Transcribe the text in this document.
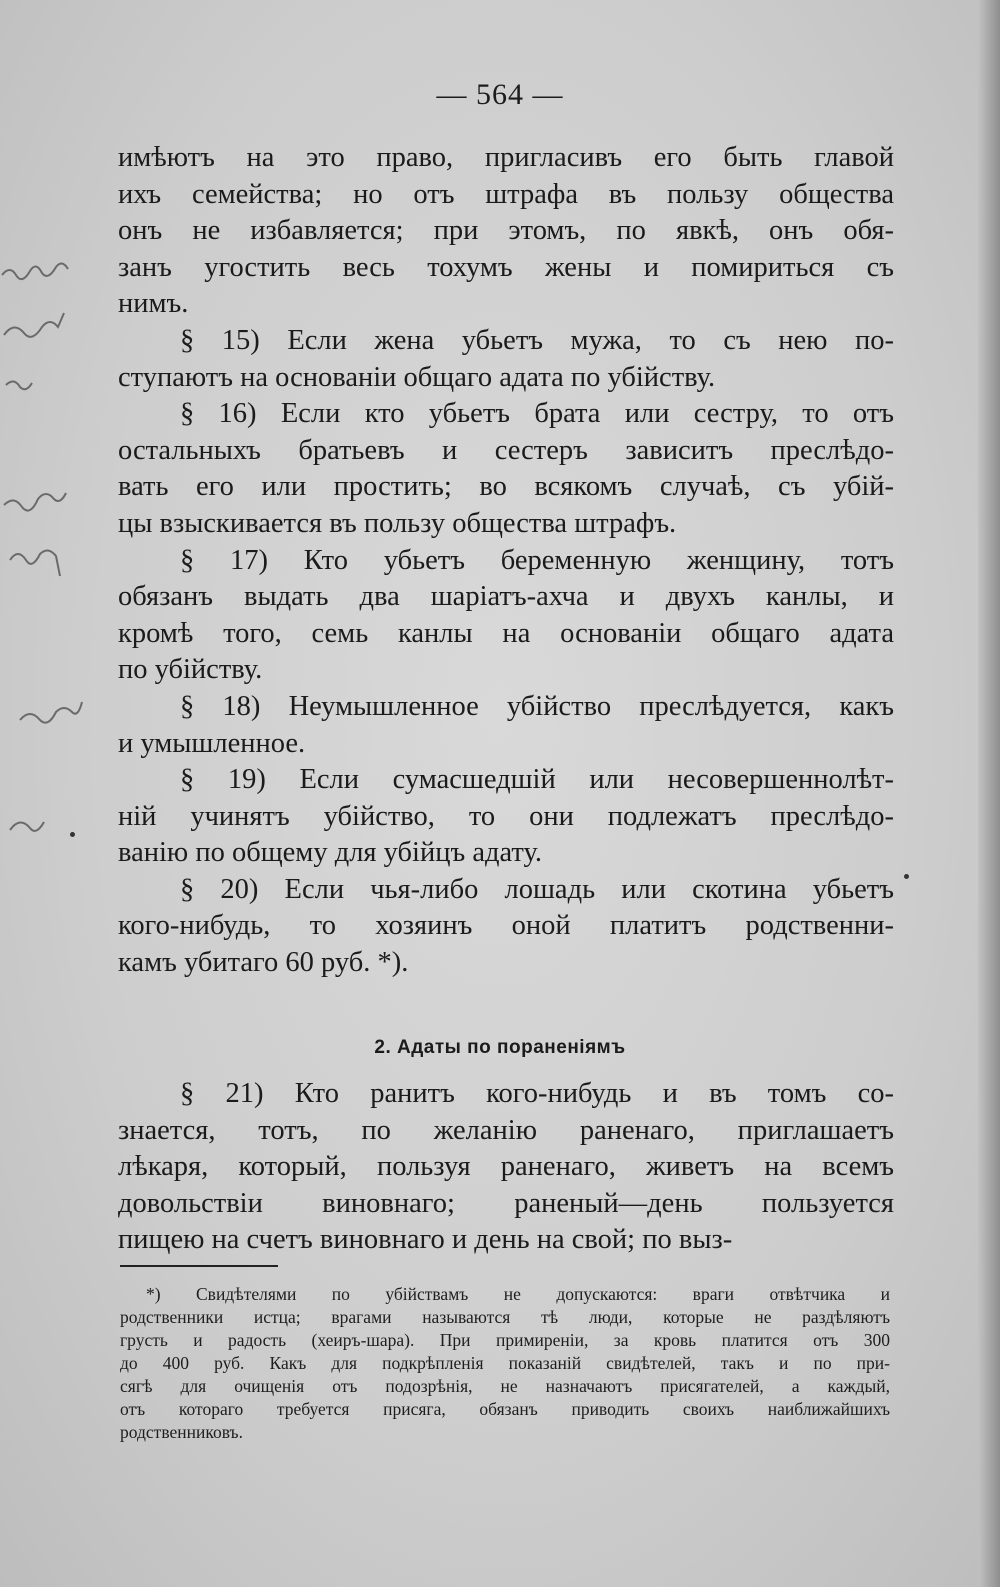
— 564 —
имѣютъ на это право, пригласивъ его быть главой
ихъ семейства; но отъ штрафа въ пользу общества
онъ не избавляется; при этомъ, по явкѣ, онъ обя-
занъ угостить весь тохумъ жены и помириться съ
нимъ.
§ 15) Если жена убьетъ мужа, то съ нею по-
ступаютъ на основаніи общаго адата по убійству.
§ 16) Если кто убьетъ брата или сестру, то отъ
остальныхъ братьевъ и сестеръ зависитъ преслѣдо-
вать его или простить; во всякомъ случаѣ, съ убій-
цы взыскивается въ пользу общества штрафъ.
§ 17) Кто убьетъ беременную женщину, тотъ
обязанъ выдать два шаріатъ-ахча и двухъ канлы, и
кромѣ того, семь канлы на основаніи общаго адата
по убійству.
§ 18) Неумышленное убійство преслѣдуется, какъ
и умышленное.
§ 19) Если сумасшедшій или несовершеннолѣт-
ній учинятъ убійство, то они подлежатъ преслѣдо-
ванію по общему для убійцъ адату.
§ 20) Если чья-либо лошадь или скотина убьетъ
кого-нибудь, то хозяинъ оной платитъ родственни-
камъ убитаго 60 руб. *).
2. Адаты по пораненіямъ
§ 21) Кто ранитъ кого-нибудь и въ томъ со-
знается, тотъ, по желанію раненаго, приглашаетъ
лѣкаря, который, пользуя раненаго, живетъ на всемъ
довольствіи виновнаго; раненый—день пользуется
пищею на счетъ виновнаго и день на свой; по выз-
*) Свидѣтелями по убійствамъ не допускаются: враги отвѣтчика и
родственники истца; врагами называются тѣ люди, которые не раздѣляютъ
грусть и радость (хеиръ-шара). При примиреніи, за кровь платится отъ 300
до 400 руб. Какъ для подкрѣпленія показаній свидѣтелей, такъ и по при-
сягѣ для очищенія отъ подозрѣнія, не назначаютъ присягателей, а каждый,
отъ котораго требуется присяга, обязанъ приводить своихъ наиближайшихъ
родственниковъ.
